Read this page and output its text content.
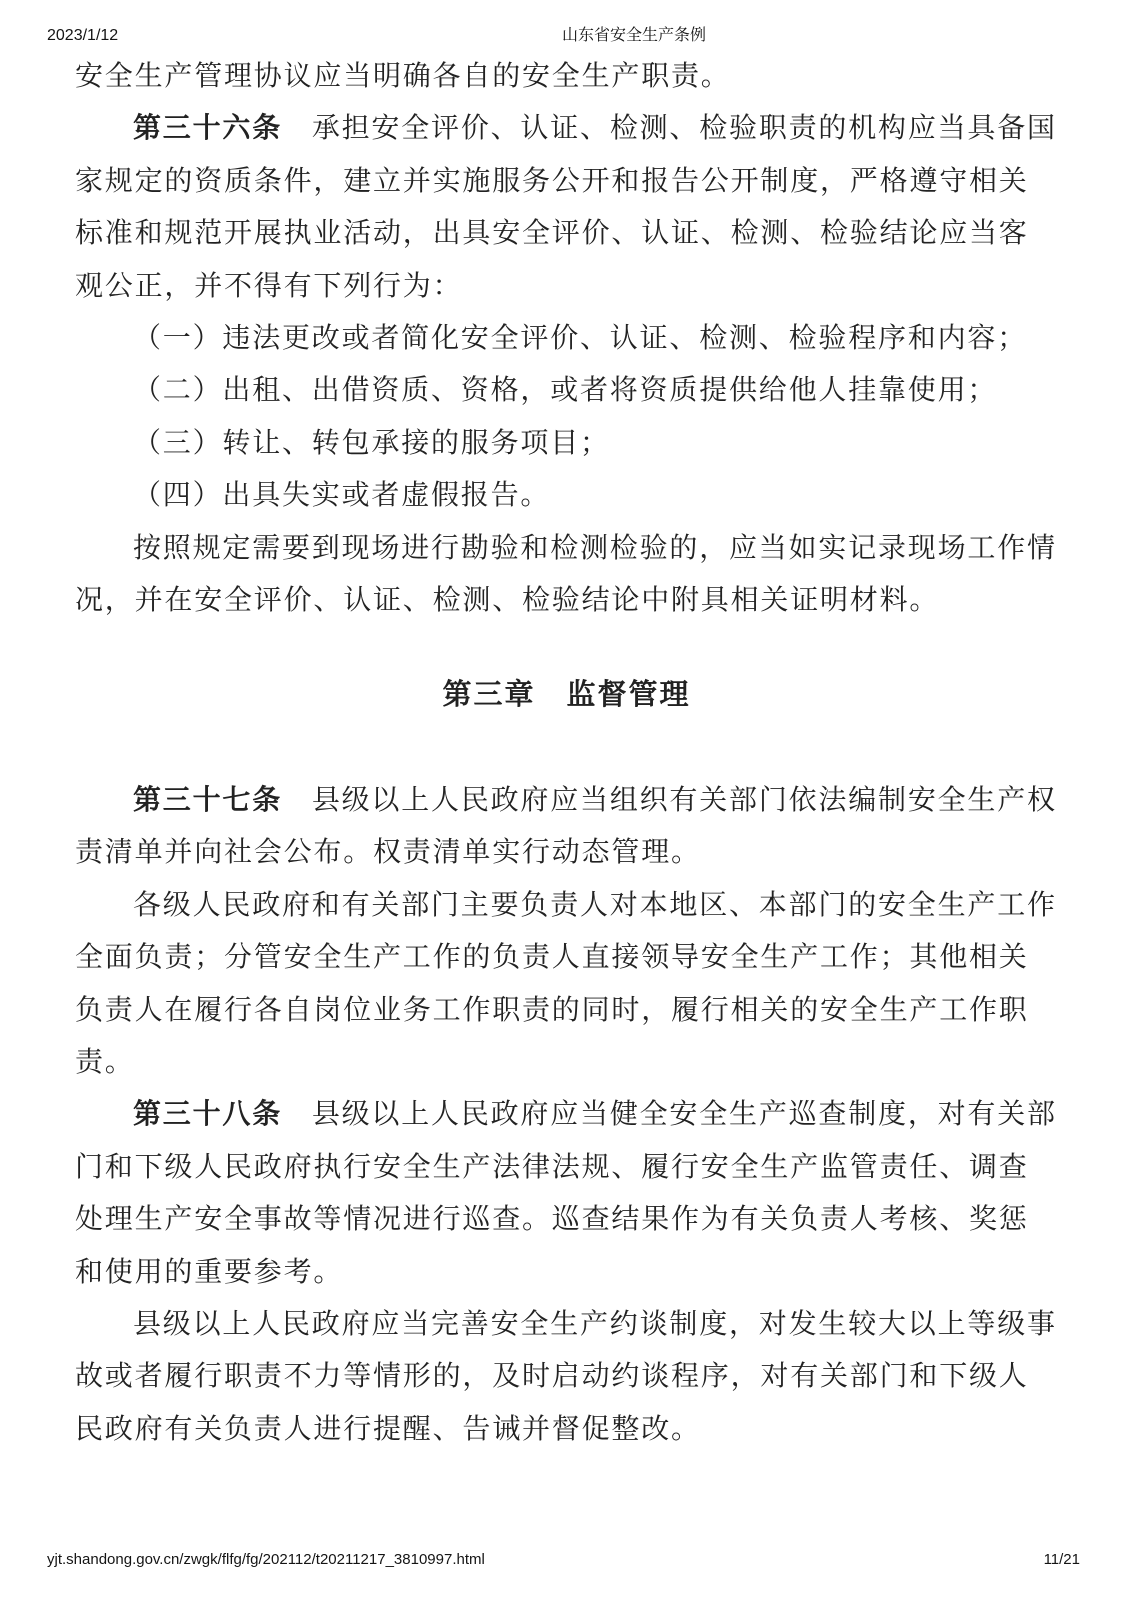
2023/1/12	山东省安全生产条例

安全生产管理协议应当明确各自的安全生产职责。

第三十六条　承担安全评价、认证、检测、检验职责的机构应当具备国家规定的资质条件，建立并实施服务公开和报告公开制度，严格遵守相关标准和规范开展执业活动，出具安全评价、认证、检测、检验结论应当客观公正，并不得有下列行为：

（一）违法更改或者简化安全评价、认证、检测、检验程序和内容；

（二）出租、出借资质、资格，或者将资质提供给他人挂靠使用；

（三）转让、转包承接的服务项目；

（四）出具失实或者虚假报告。

按照规定需要到现场进行勘验和检测检验的，应当如实记录现场工作情况，并在安全评价、认证、检测、检验结论中附具相关证明材料。

第三章　监督管理

第三十七条　县级以上人民政府应当组织有关部门依法编制安全生产权责清单并向社会公布。权责清单实行动态管理。

各级人民政府和有关部门主要负责人对本地区、本部门的安全生产工作全面负责；分管安全生产工作的负责人直接领导安全生产工作；其他相关负责人在履行各自岗位业务工作职责的同时，履行相关的安全生产工作职责。

第三十八条　县级以上人民政府应当健全安全生产巡查制度，对有关部门和下级人民政府执行安全生产法律法规、履行安全生产监管责任、调查处理生产安全事故等情况进行巡查。巡查结果作为有关负责人考核、奖惩和使用的重要参考。

县级以上人民政府应当完善安全生产约谈制度，对发生较大以上等级事故或者履行职责不力等情形的，及时启动约谈程序，对有关部门和下级人民政府有关负责人进行提醒、告诫并督促整改。

yjt.shandong.gov.cn/zwgk/flfg/fg/202112/t20211217_3810997.html	11/21
